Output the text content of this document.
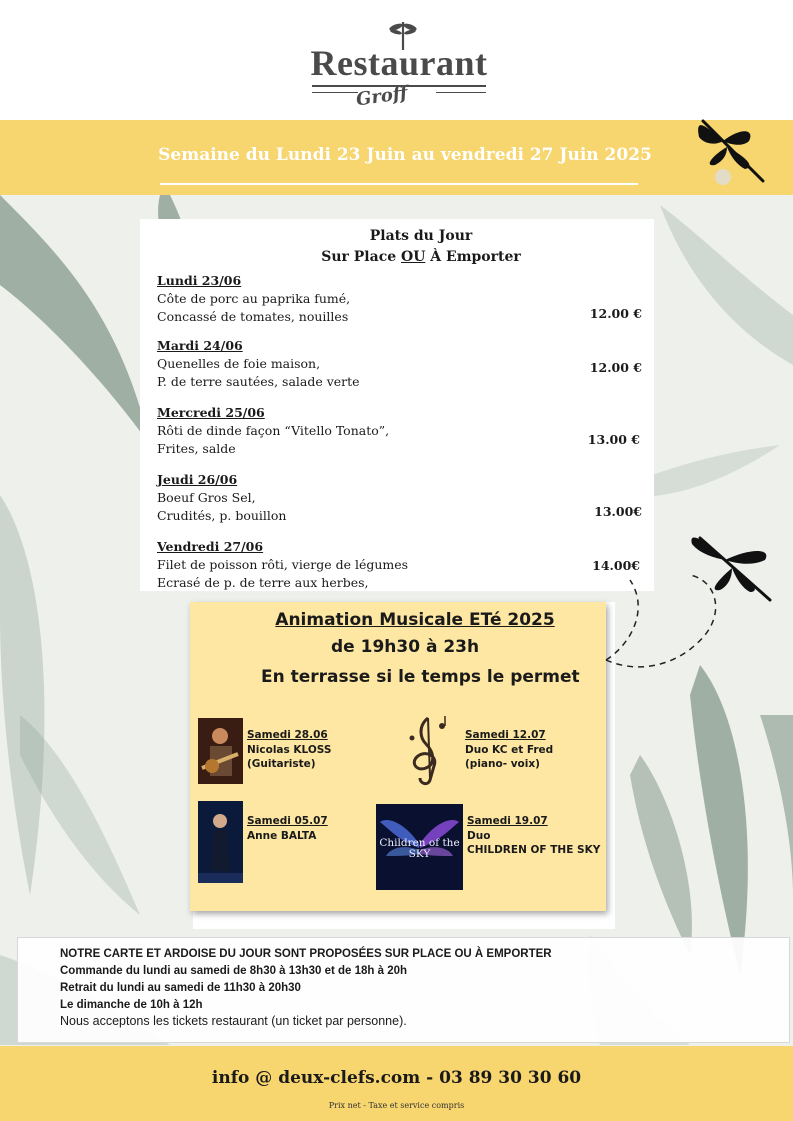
Restaurant
Groff
Semaine du Lundi 23 Juin au vendredi 27 Juin 2025
Plats du Jour
Sur Place OU À Emporter
Lundi 23/06
Côte de porc au paprika fumé,
Concassé de tomates, nouilles	12.00 €
Mardi 24/06
Quenelles de foie maison,
P. de terre sautées, salade verte
12.00 €
Mercredi 25/06
Rôti de dinde façon “Vitello Tonato”,
Frites, salde
13.00 €
Jeudi 26/06
Boeuf Gros Sel,
Crudités, p. bouillon	13.00€
Vendredi 27/06
Filet de poisson rôti, vierge de légumes
Ecrasé de p. de terre aux herbes,
14.00€
Animation Musicale ETé 2025
de 19h30 à 23h
En terrasse si le temps le permet
Samedi 28.06
Nicolas KLOSS
(Guitariste)
Samedi 12.07
Duo KC et Fred
(piano- voix)
Samedi 05.07
Anne BALTA
Children of the SKY
Samedi 19.07
Duo
CHILDREN OF THE SKY
NOTRE CARTE ET ARDOISE DU JOUR SONT PROPOSÉES SUR PLACE OU À EMPORTER
Commande du lundi au samedi de 8h30 à 13h30 et de 18h à 20h
Retrait du lundi au samedi de 11h30 à 20h30
Le dimanche de 10h à 12h
Nous acceptons les tickets restaurant (un ticket par personne).
info @ deux-clefs.com - 03 89 30 30 60
Prix net - Taxe et service compris
